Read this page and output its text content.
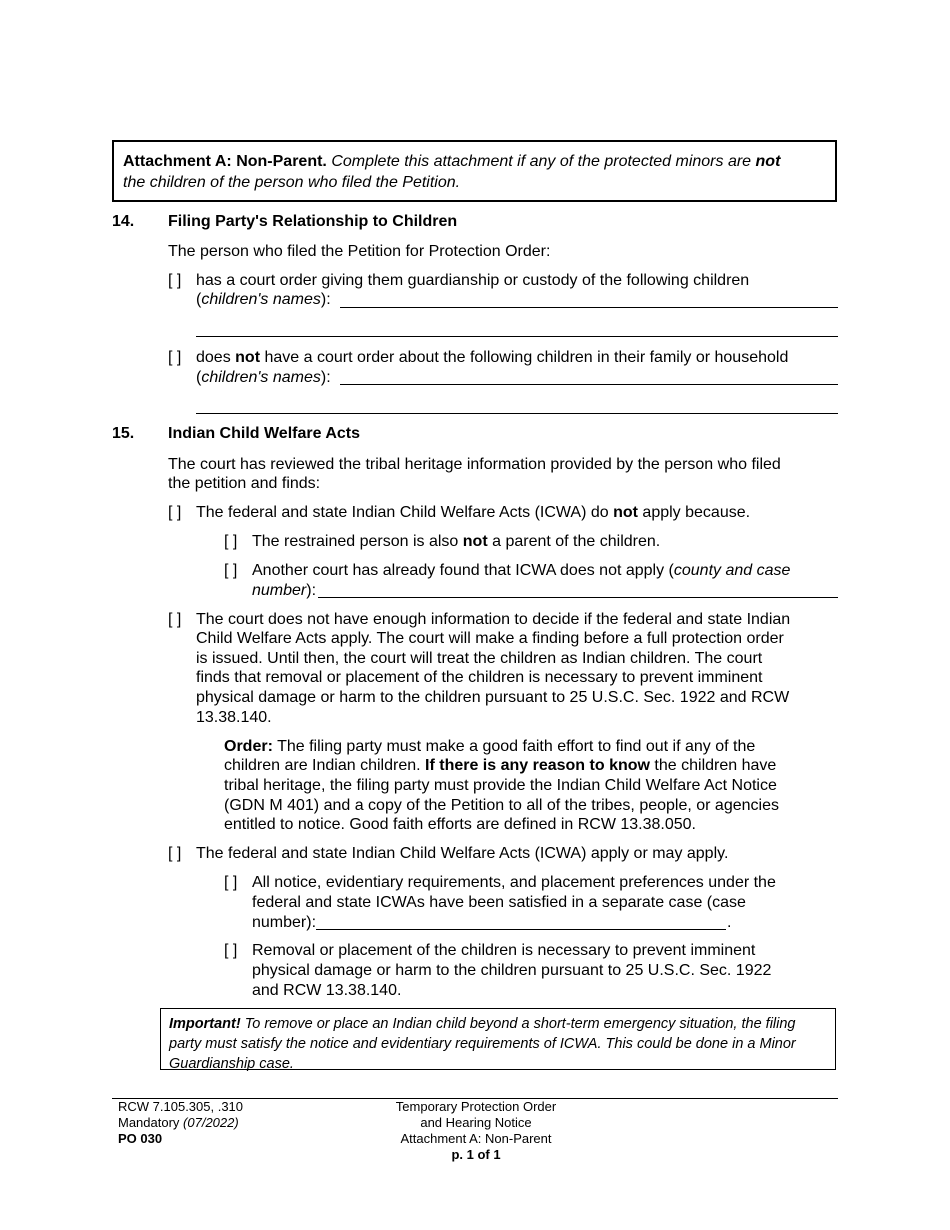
Attachment A: Non-Parent. Complete this attachment if any of the protected minors are not
the children of the person who filed the Petition.
14. Filing Party's Relationship to Children
The person who filed the Petition for Protection Order:
[ ] has a court order giving them guardianship or custody of the following children
(children's names):
[ ] does not have a court order about the following children in their family or household
(children's names):
15. Indian Child Welfare Acts
The court has reviewed the tribal heritage information provided by the person who filed
the petition and finds:
[ ] The federal and state Indian Child Welfare Acts (ICWA) do not apply because.
[ ] The restrained person is also not a parent of the children.
[ ] Another court has already found that ICWA does not apply (county and case
number):
[ ] The court does not have enough information to decide if the federal and state Indian
Child Welfare Acts apply. The court will make a finding before a full protection order
is issued. Until then, the court will treat the children as Indian children. The court
finds that removal or placement of the children is necessary to prevent imminent
physical damage or harm to the children pursuant to 25 U.S.C. Sec. 1922 and RCW
13.38.140.
Order: The filing party must make a good faith effort to find out if any of the
children are Indian children. If there is any reason to know the children have
tribal heritage, the filing party must provide the Indian Child Welfare Act Notice
(GDN M 401) and a copy of the Petition to all of the tribes, people, or agencies
entitled to notice. Good faith efforts are defined in RCW 13.38.050.
[ ] The federal and state Indian Child Welfare Acts (ICWA) apply or may apply.
[ ] All notice, evidentiary requirements, and placement preferences under the
federal and state ICWAs have been satisfied in a separate case (case
number):	.
[ ] Removal or placement of the children is necessary to prevent imminent
physical damage or harm to the children pursuant to 25 U.S.C. Sec. 1922
and RCW 13.38.140.
Important! To remove or place an Indian child beyond a short-term emergency situation, the filing party must satisfy the notice and evidentiary requirements of ICWA. This could be done in a Minor Guardianship case.
RCW 7.105.305, .310
Mandatory (07/2022)
PO 030
Temporary Protection Order
and Hearing Notice
Attachment A: Non-Parent
p. 1 of 1
